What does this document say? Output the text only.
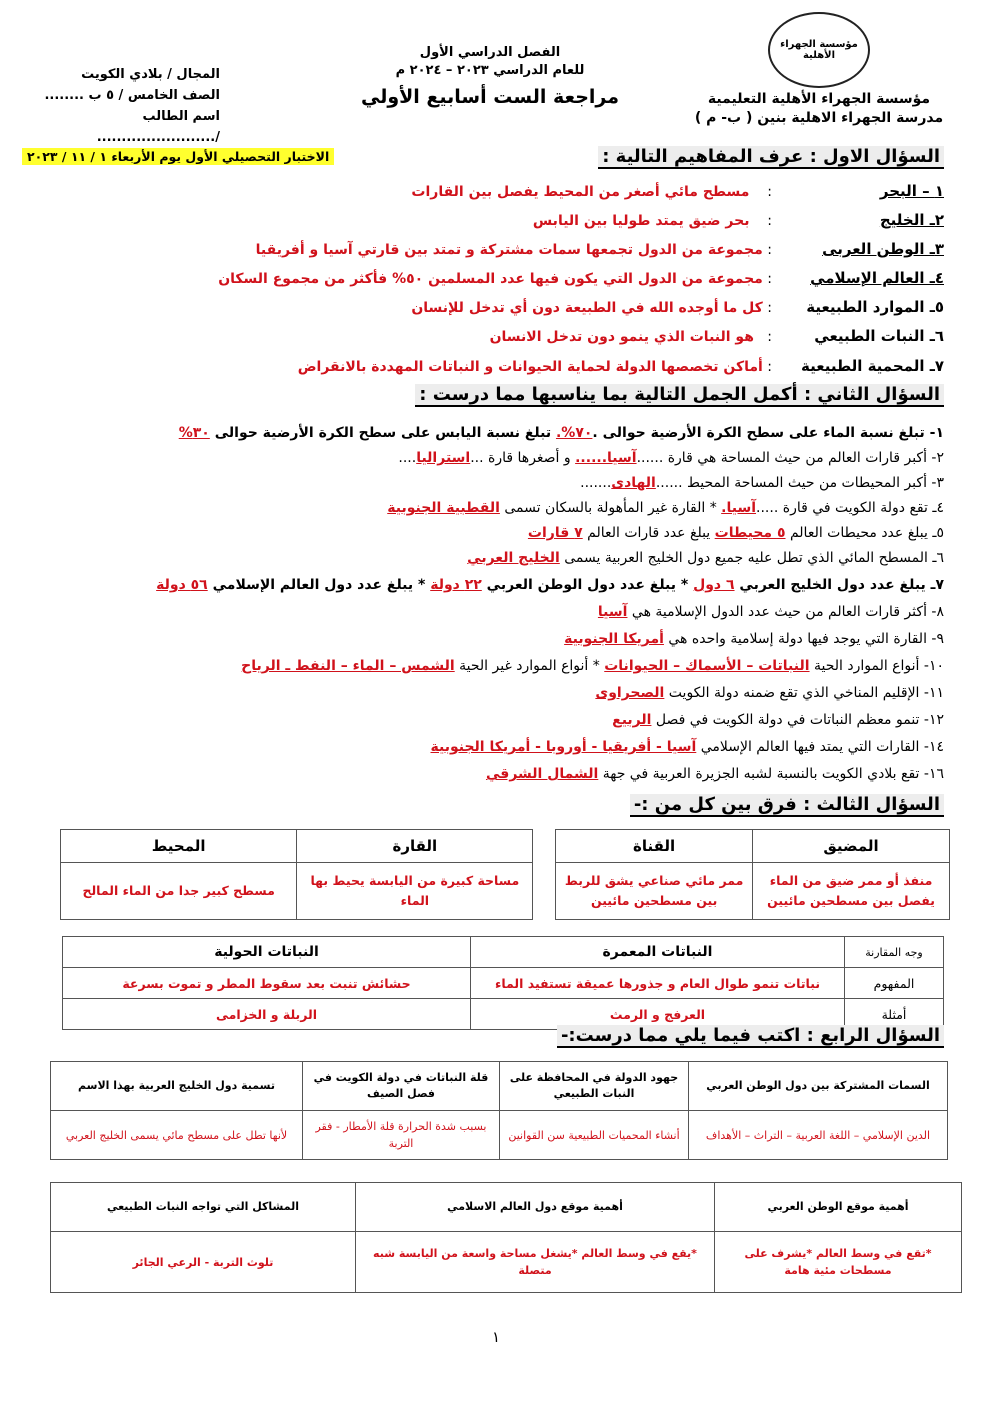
مؤسسة الجهراء الأهلية
مؤسسة الجهراء الأهلية التعليمية
مدرسة الجهراء الاهلية بنين ( ب- م )
الفصل الدراسي الأول
للعام الدراسي ٢٠٢٣ – ٢٠٢٤ م
مراجعة الست أسابيع الأولي
المجال / بلادي الكويت
الصف الخامس / ٥ ب ........
اسم الطالب /........................
الاختبار التحصيلي الأول يوم الأربعاء ١ / ١١ / ٢٠٢٣	السؤال الاول : عرف المفاهيم التالية :
١ – البحر:    مسطح مائي أصغر من المحيط يفصل بين القارات
٢ـ الخليج:    بحر ضيق يمتد طوليا بين اليابس
٣ـ الوطن العربى: مجموعة من الدول تجمعها سمات مشتركة و تمتد بين قارتي آسيا و أفريقيا
٤ـ العالم الإسلامي: مجموعة من الدول التي يكون فيها عدد المسلمين ٥٠% فأكثر من مجموع السكان
٥ـ الموارد الطبيعية: كل ما أوجده الله في الطبيعة دون أي تدخل للإنسان
٦ـ النبات الطبيعي:   هو النبات الذي ينمو دون تدخل الانسان
٧ـ المحمية الطبيعية: أماكن تخصصها الدولة لحماية الحيوانات و النباتات المهددة بالانقراض
السؤال الثاني : أكمل الجمل التالية بما يناسبها مما درست :
١- تبلغ نسبة الماء على سطح الكرة الأرضية حوالى .٧٠%. تبلغ نسبة اليابس على سطح الكرة الأرضية حوالى ٣٠%
٢- أكبر قارات العالم من حيث المساحة هي قارة ......آسيا...... و أصغرها قارة ...استراليا....
٣- أكبر المحيطات من حيث المساحة المحيط ......الهادى.......
٤ـ تقع دولة الكويت في قارة .....آسيا. * القارة غير المأهولة بالسكان تسمى القطبية الجنوبية
٥ـ يبلغ عدد محيطات العالم ٥ محيطات يبلغ عدد قارات العالم ٧ قارات
٦ـ المسطح المائي الذي تطل عليه جميع دول الخليج العربية يسمى الخليج العربي
٧ـ يبلغ عدد دول الخليج العربي ٦ دول * يبلغ عدد دول الوطن العربي ٢٢ دولة * يبلغ عدد دول العالم الإسلامي ٥٦ دولة
٨- أكثر قارات العالم من حيث عدد الدول الإسلامية هي آسيا
٩- القارة التي يوجد فيها دولة إسلامية واحده هي أمريكا الجنوبية
١٠- أنواع الموارد الحية النباتات – الأسماك – الحيوانات * أنواع الموارد غير الحية الشمس – الماء – النفط ـ الرياح
١١- الإقليم المناخي الذي تقع ضمنه دولة الكويت الصحراوى
١٢- تنمو معظم النباتات في دولة الكويت في فصل الربيع
١٤- القارات التي يمتد فيها العالم الإسلامي آسيا - أفريقيا - أوروبا - أمريكا الجنوبية
١٦- تقع بلادي الكويت بالنسبة لشبه الجزيرة العربية في جهة الشمال الشرقي
السؤال الثالث : فرق بين كل من :-
المضيق	القناة		القارة	المحيط
منفذ أو ممر ضيق من الماء يفصل بين مسطحين مائيين	ممر مائي صناعي يشق للربط بين مسطحين مائيين		مساحة كبيرة من اليابسة يحيط بها الماء	مسطح كبير جدا من الماء المالح
وجه المقارنة	النباتات المعمرة	النباتات الحولية
المفهوم	نباتات تنمو طوال العام و جذورها عميقة تستفيد الماء	حشائش تنبت بعد سقوط المطر و تموت بسرعة
أمثلة	العرفج و الرمث	الربلة و الخزامى
السؤال الرابع : اكتب فيما يلي مما درست:-
السمات المشتركة بين دول الوطن العربي	جهود الدولة في المحافظة على النبات الطبيعي	قلة النباتات في دولة الكويت في فصل الصيف	تسمية دول الخليج العربية بهذا الاسم
الدين الإسلامي – اللغة العربية – التراث – الأهداف	أنشاء المحميات الطبيعية سن القوانين	بسبب شدة الحرارة قلة الأمطار - فقر التربة	لأنها تطل على مسطح مائي يسمى الخليج العربي
أهمية موقع الوطن العربي	أهمية موقع دول العالم الاسلامي	المشاكل التي تواجه النبات الطبيعي
*تقع في وسط العالم *يشرف على مسطحات مئية هامة	*يقع في وسط العالم *يشغل مساحة واسعة من اليابسة شبه متصلة	تلوث التربة - الرعي الجائر
١
